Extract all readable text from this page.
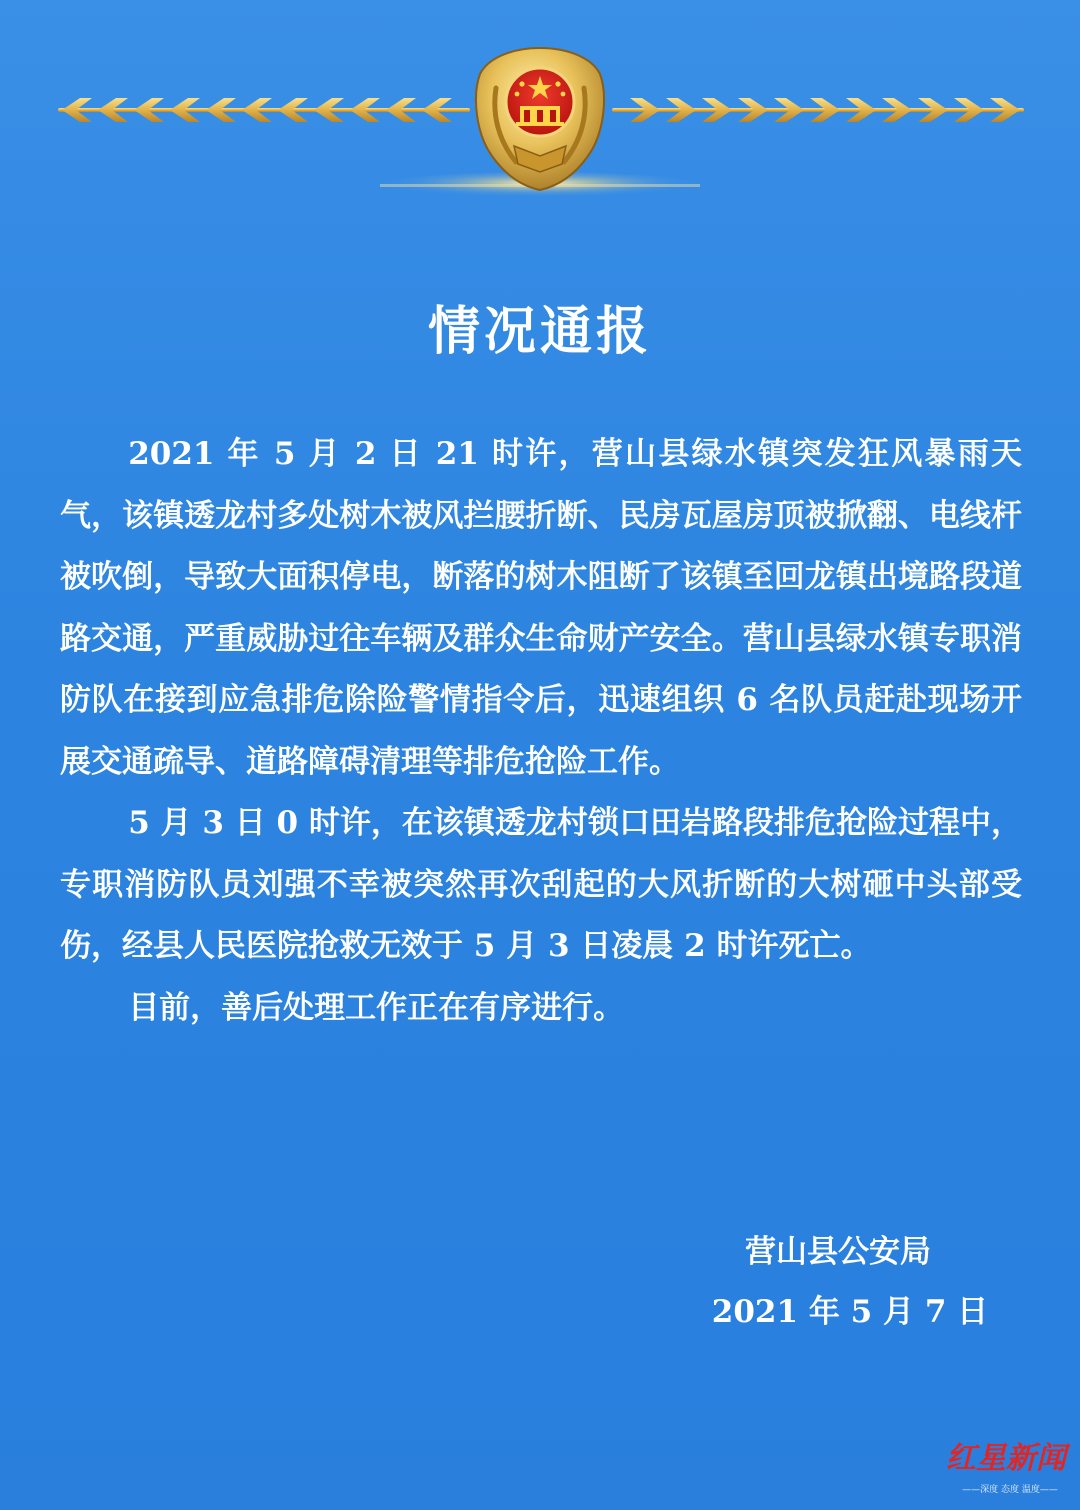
情况通报

2021 年 5 月 2 日 21 时许，营山县绿水镇突发狂风暴雨天气，该镇透龙村多处树木被风拦腰折断、民房瓦屋房顶被掀翻、电线杆被吹倒，导致大面积停电，断落的树木阻断了该镇至回龙镇出境路段道路交通，严重威胁过往车辆及群众生命财产安全。营山县绿水镇专职消防队在接到应急排危除险警情指令后，迅速组织 6 名队员赶赴现场开展交通疏导、道路障碍清理等排危抢险工作。

5 月 3 日 0 时许，在该镇透龙村锁口田岩路段排危抢险过程中，专职消防队员刘强不幸被突然再次刮起的大风折断的大树砸中头部受伤，经县人民医院抢救无效于 5 月 3 日凌晨 2 时许死亡。

目前，善后处理工作正在有序进行。

营山县公安局
2021 年 5 月 7 日
红星新闻
——深度 态度 温度——
